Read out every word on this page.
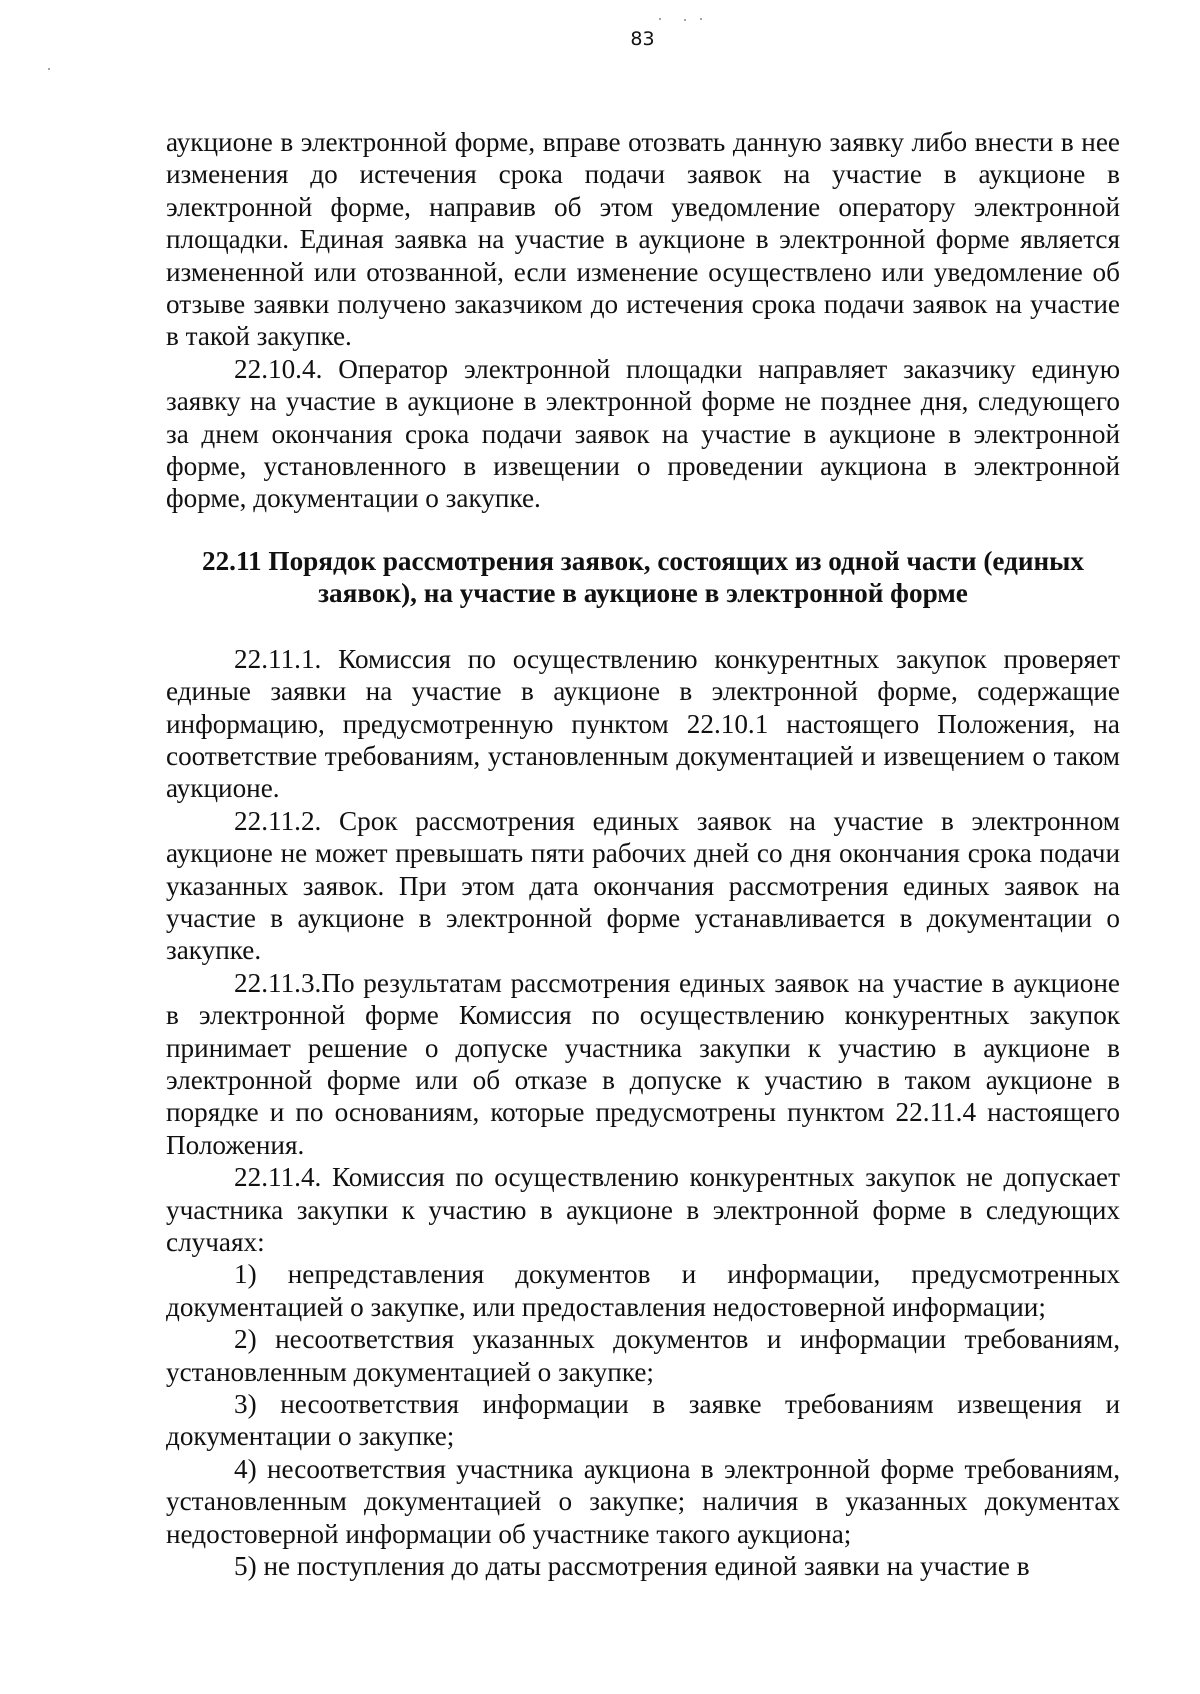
83

аукционе в электронной форме, вправе отозвать данную заявку либо внести в нее изменения до истечения срока подачи заявок на участие в аукционе в электронной форме, направив об этом уведомление оператору электронной площадки. Единая заявка на участие в аукционе в электронной форме является измененной или отозванной, если изменение осуществлено или уведомление об отзыве заявки получено заказчиком до истечения срока подачи заявок на участие в такой закупке.

22.10.4. Оператор электронной площадки направляет заказчику единую заявку на участие в аукционе в электронной форме не позднее дня, следующего за днем окончания срока подачи заявок на участие в аукционе в электронной форме, установленного в извещении о проведении аукциона в электронной форме, документации о закупке.

22.11 Порядок рассмотрения заявок, состоящих из одной части (единых заявок), на участие в аукционе в электронной форме

22.11.1. Комиссия по осуществлению конкурентных закупок проверяет единые заявки на участие в аукционе в электронной форме, содержащие информацию, предусмотренную пунктом 22.10.1 настоящего Положения, на соответствие требованиям, установленным документацией и извещением о таком аукционе.

22.11.2. Срок рассмотрения единых заявок на участие в электронном аукционе не может превышать пяти рабочих дней со дня окончания срока подачи указанных заявок. При этом дата окончания рассмотрения единых заявок на участие в аукционе в электронной форме устанавливается в документации о закупке.

22.11.3.По результатам рассмотрения единых заявок на участие в аукционе в электронной форме Комиссия по осуществлению конкурентных закупок принимает решение о допуске участника закупки к участию в аукционе в электронной форме или об отказе в допуске к участию в таком аукционе в порядке и по основаниям, которые предусмотрены пунктом 22.11.4 настоящего Положения.

22.11.4. Комиссия по осуществлению конкурентных закупок не допускает участника закупки к участию в аукционе в электронной форме в следующих случаях:

1) непредставления документов и информации, предусмотренных документацией о закупке, или предоставления недостоверной информации;

2) несоответствия указанных документов и информации требованиям, установленным документацией о закупке;

3) несоответствия информации в заявке требованиям извещения и документации о закупке;

4) несоответствия участника аукциона в электронной форме требованиям, установленным документацией о закупке; наличия в указанных документах недостоверной информации об участнике такого аукциона;

5) не поступления до даты рассмотрения единой заявки на участие в
